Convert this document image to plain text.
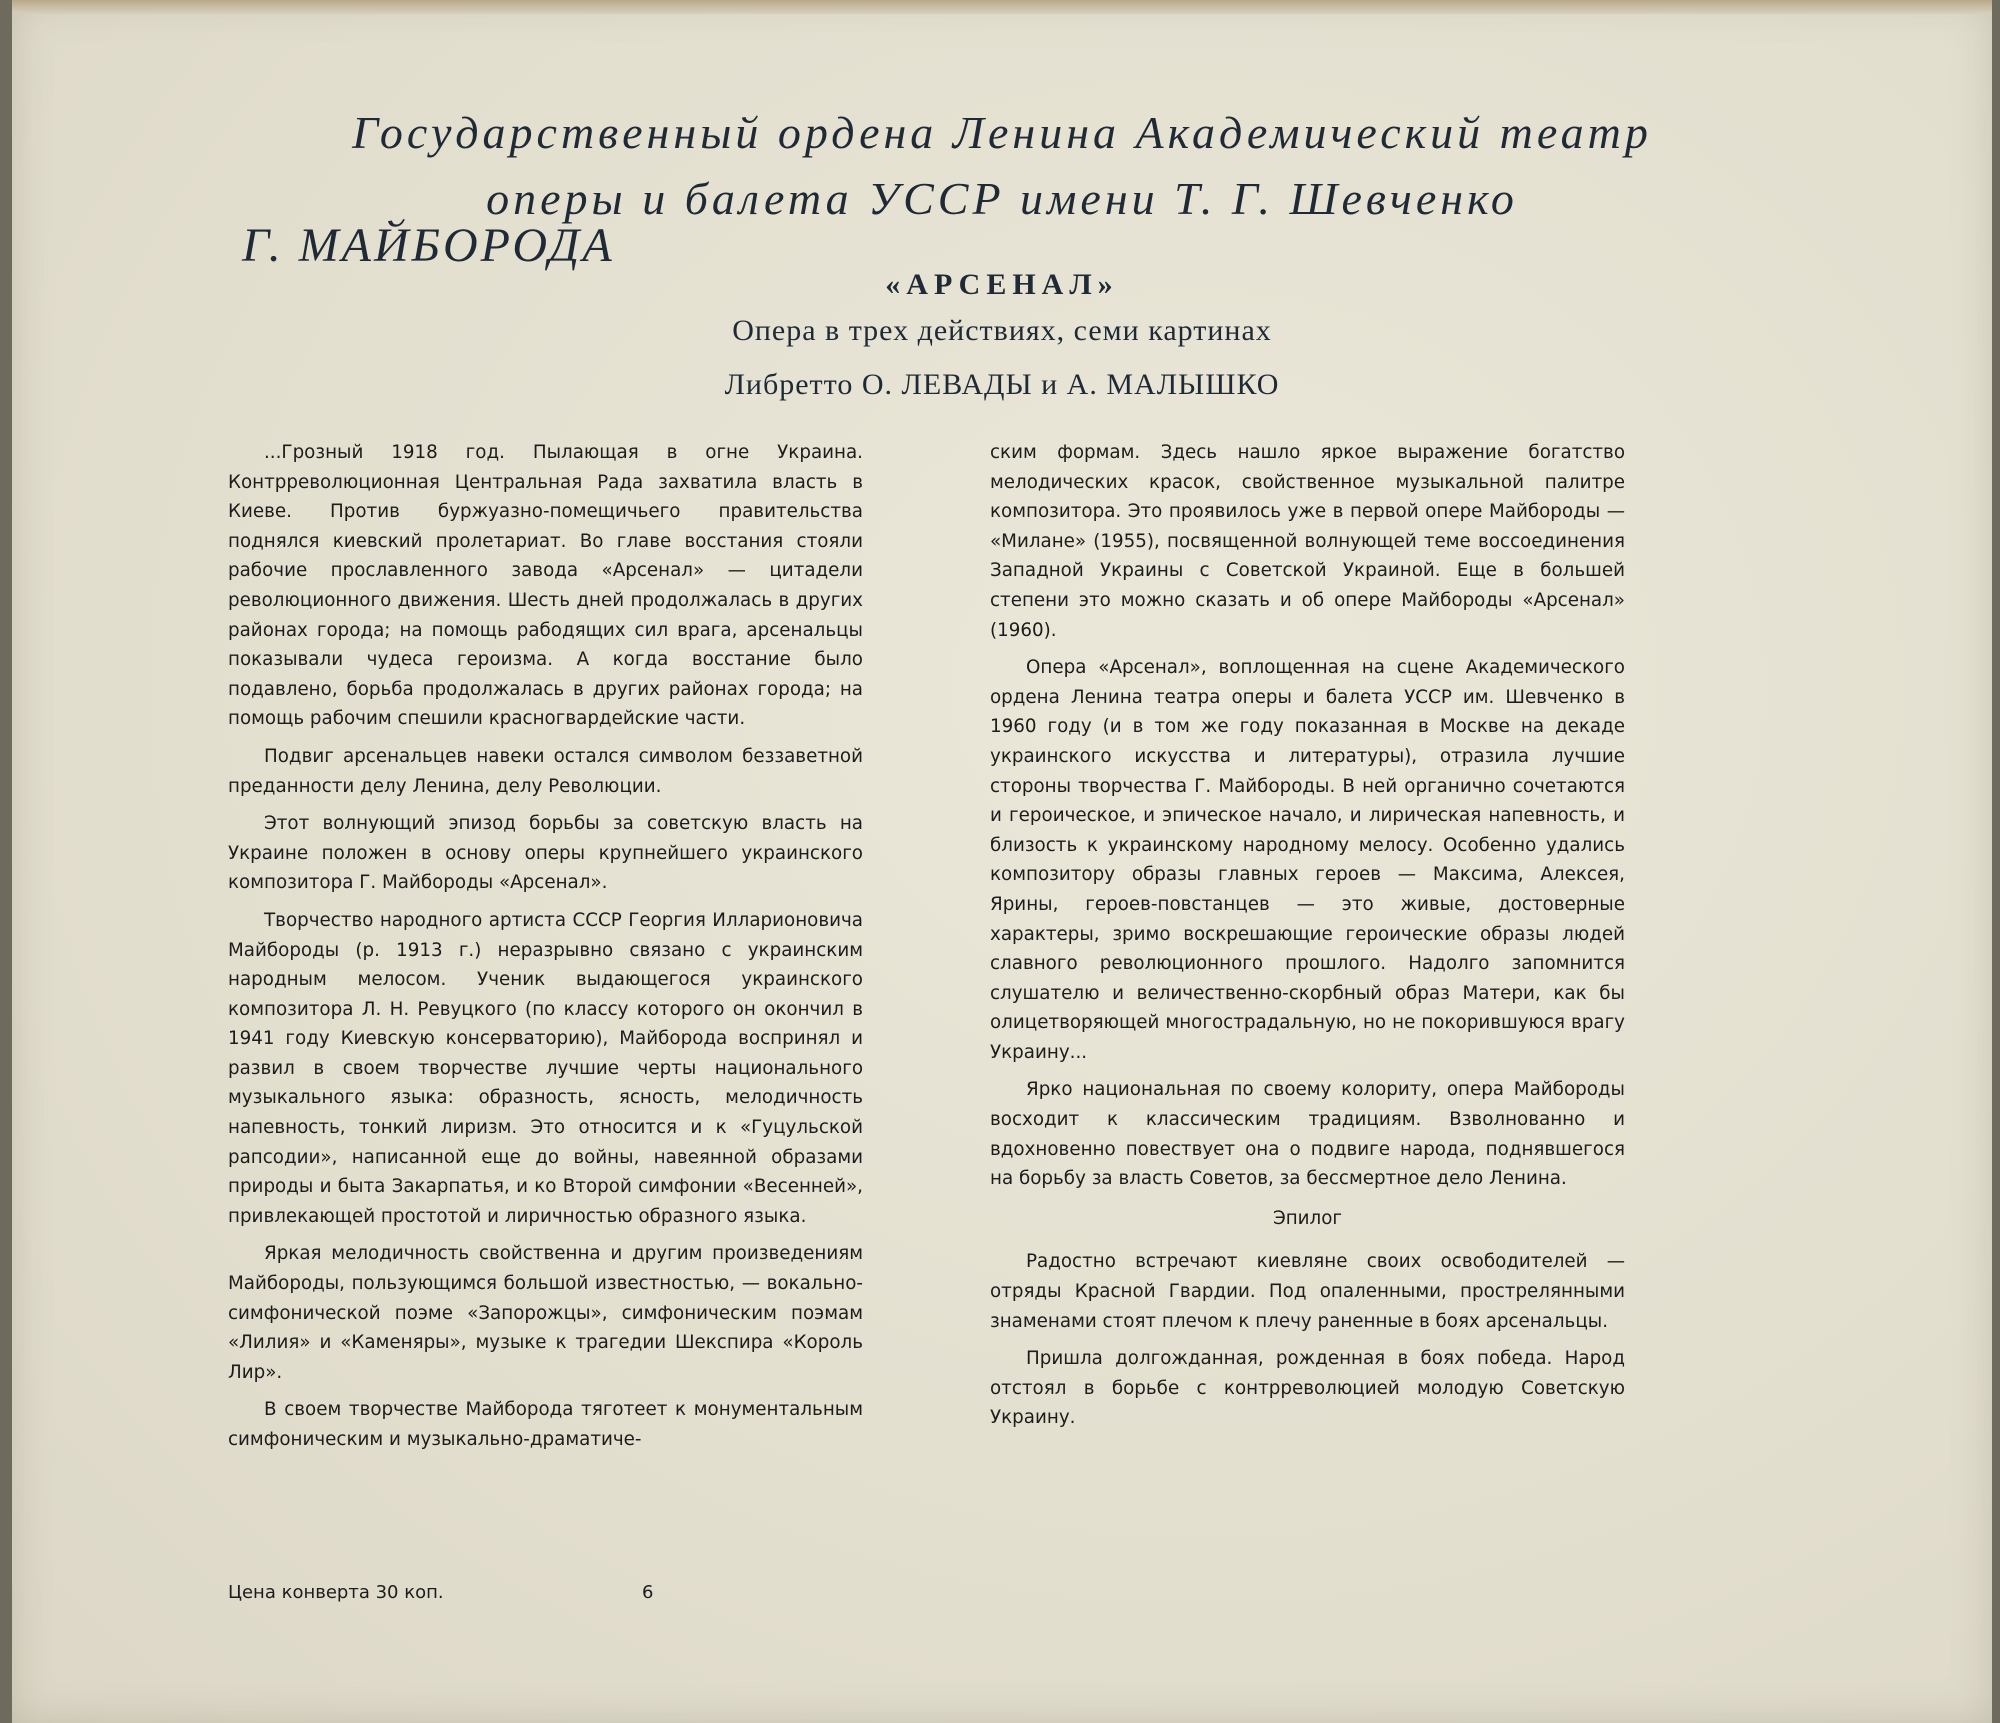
Государственный ордена Ленина Академический театр
оперы и балета УССР имени Т. Г. Шевченко
Г. МАЙБОРОДА
«АРСЕНАЛ»
Опера в трех действиях, семи картинах
Либретто О. ЛЕВАДЫ и А. МАЛЫШКО

...Грозный 1918 год. Пылающая в огне Украина. Контрреволюционная Центральная Рада захватила власть в Киеве. Против буржуазно-помещичьего правительства поднялся киевский пролетариат. Во главе восстания стояли рабочие прославленного завода «Арсенал» — цитадели революционного движения. Шесть дней продолжалась в других районах города; на помощь рабодящих сил врага, арсенальцы показывали чудеса героизма. А когда восстание было подавлено, борьба продолжалась в других районах города; на помощь рабочим спешили красногвардейские части.

Подвиг арсенальцев навеки остался символом беззаветной преданности делу Ленина, делу Революции.

Этот волнующий эпизод борьбы за советскую власть на Украине положен в основу оперы крупнейшего украинского композитора Г. Майбороды «Арсенал».

Творчество народного артиста СССР Георгия Илларионовича Майбороды (р. 1913 г.) неразрывно связано с украинским народным мелосом. Ученик выдающегося украинского композитора Л. Н. Ревуцкого (по классу которого он окончил в 1941 году Киевскую консерваторию), Майборода воспринял и развил в своем творчестве лучшие черты национального музыкального языка: образность, ясность, мелодичность напевность, тонкий лиризм. Это относится и к «Гуцульской рапсодии», написанной еще до войны, навеянной образами природы и быта Закарпатья, и ко Второй симфонии «Весенней», привлекающей простотой и лиричностью образного языка.

Яркая мелодичность свойственна и другим произведениям Майбороды, пользующимся большой известностью, — вокально-симфонической поэме «Запорожцы», симфоническим поэмам «Лилия» и «Каменяры», музыке к трагедии Шекспира «Король Лир».

В своем творчестве Майборода тяготеет к монументальным симфоническим и музыкально-драматиче-

ским формам. Здесь нашло яркое выражение богатство мелодических красок, свойственное музыкальной палитре композитора. Это проявилось уже в первой опере Майбороды — «Милане» (1955), посвященной волнующей теме воссоединения Западной Украины с Советской Украиной. Еще в большей степени это можно сказать и об опере Майбороды «Арсенал» (1960).

Опера «Арсенал», воплощенная на сцене Академического ордена Ленина театра оперы и балета УССР им. Шевченко в 1960 году (и в том же году показанная в Москве на декаде украинского искусства и литературы), отразила лучшие стороны творчества Г. Майбороды. В ней органично сочетаются и героическое, и эпическое начало, и лирическая напевность, и близость к украинскому народному мелосу. Особенно удались композитору образы главных героев — Максима, Алексея, Ярины, героев-повстанцев — это живые, достоверные характеры, зримо воскрешающие героические образы людей славного революционного прошлого. Надолго запомнится слушателю и величественно-скорбный образ Матери, как бы олицетворяющей многострадальную, но не покорившуюся врагу Украину...

Ярко национальная по своему колориту, опера Майбороды восходит к классическим традициям. Взволнованно и вдохновенно повествует она о подвиге народа, поднявшегося на борьбу за власть Советов, за бессмертное дело Ленина.

Эпилог

Радостно встречают киевляне своих освободителей — отряды Красной Гвардии. Под опаленными, прострелянными знаменами стоят плечом к плечу раненные в боях арсенальцы.

Пришла долгожданная, рожденная в боях победа. Народ отстоял в борьбе с контрреволюцией молодую Советскую Украину.

Цена конверта 30 коп.	6
